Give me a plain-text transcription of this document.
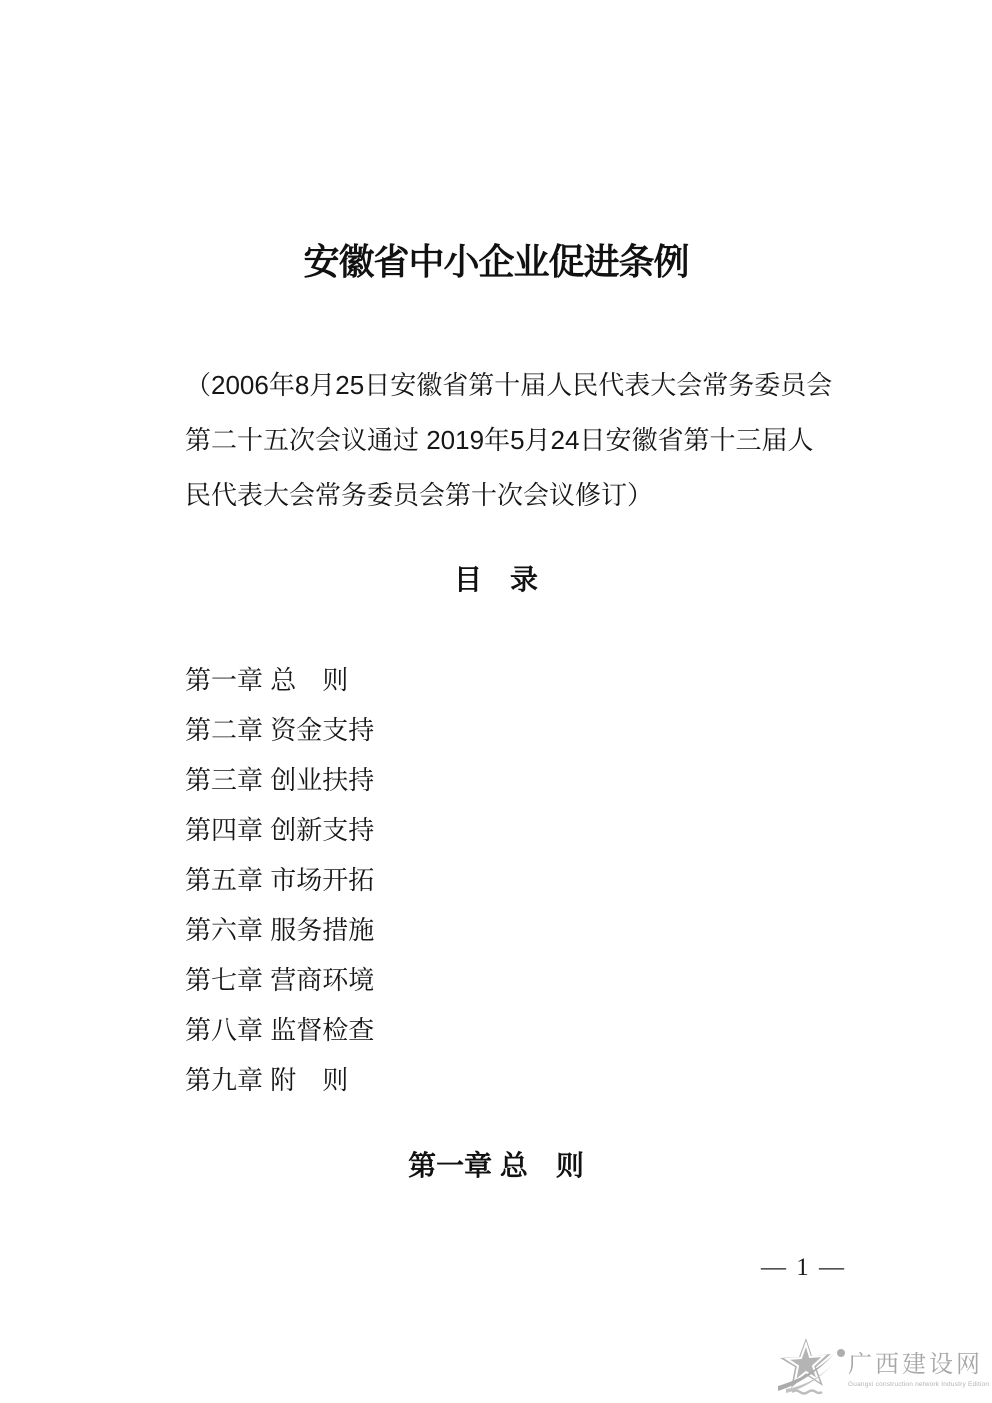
安徽省中小企业促进条例
（2006年8月25日安徽省第十届人民代表大会常务委员会
第二十五次会议通过 2019年5月24日安徽省第十三届人
民代表大会常务委员会第十次会议修订）
目　录
第一章 总　则
第二章 资金支持
第三章 创业扶持
第四章 创新支持
第五章 市场开拓
第六章 服务措施
第七章 营商环境
第八章 监督检查
第九章 附　则
第一章 总　则
— 1 —
广西建设网
Guangxi construction network Industry Edition
